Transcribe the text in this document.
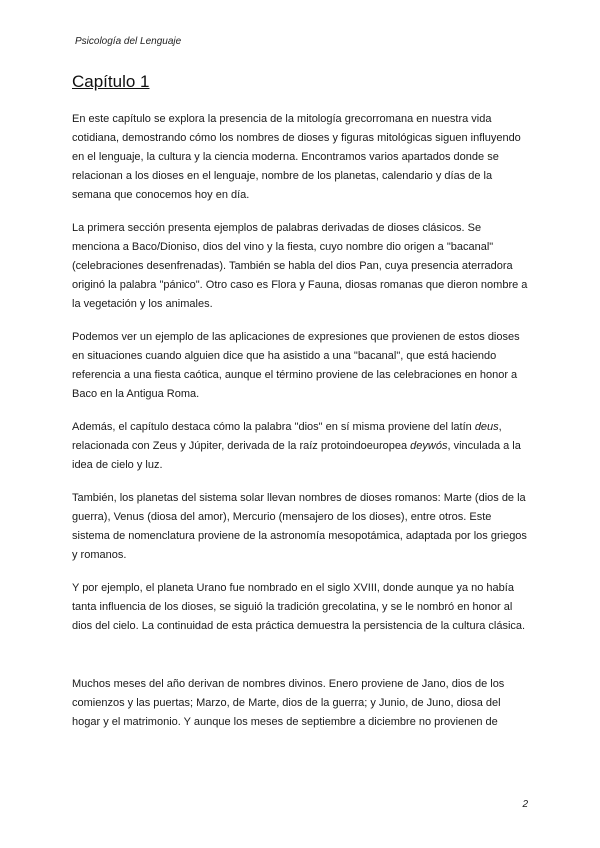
Psicología del Lenguaje
Capítulo 1

En este capítulo se explora la presencia de la mitología grecorromana en nuestra vida cotidiana, demostrando cómo los nombres de dioses y figuras mitológicas siguen influyendo en el lenguaje, la cultura y la ciencia moderna. Encontramos varios apartados donde se relacionan a los dioses en el lenguaje, nombre de los planetas, calendario y días de la semana que conocemos hoy en día.

La primera sección presenta ejemplos de palabras derivadas de dioses clásicos. Se menciona a Baco/Dioniso, dios del vino y la fiesta, cuyo nombre dio origen a "bacanal" (celebraciones desenfrenadas). También se habla del dios Pan, cuya presencia aterradora originó la palabra "pánico". Otro caso es Flora y Fauna, diosas romanas que dieron nombre a la vegetación y los animales.

Podemos ver un ejemplo de las aplicaciones de expresiones que provienen de estos dioses en situaciones cuando alguien dice que ha asistido a una "bacanal", que está haciendo referencia a una fiesta caótica, aunque el término proviene de las celebraciones en honor a Baco en la Antigua Roma.

Además, el capítulo destaca cómo la palabra "dios" en sí misma proviene del latín deus, relacionada con Zeus y Júpiter, derivada de la raíz protoindoeuropea deywós, vinculada a la idea de cielo y luz.

También, los planetas del sistema solar llevan nombres de dioses romanos: Marte (dios de la guerra), Venus (diosa del amor), Mercurio (mensajero de los dioses), entre otros. Este sistema de nomenclatura proviene de la astronomía mesopotámica, adaptada por los griegos y romanos.

Y por ejemplo, el planeta Urano fue nombrado en el siglo XVIII, donde aunque ya no había tanta influencia de los dioses, se siguió la tradición grecolatina, y se le nombró en honor al dios del cielo. La continuidad de esta práctica demuestra la persistencia de la cultura clásica.

Muchos meses del año derivan de nombres divinos. Enero proviene de Jano, dios de los comienzos y las puertas; Marzo, de Marte, dios de la guerra; y Junio, de Juno, diosa del hogar y el matrimonio. Y aunque los meses de septiembre a diciembre no provienen de

2
